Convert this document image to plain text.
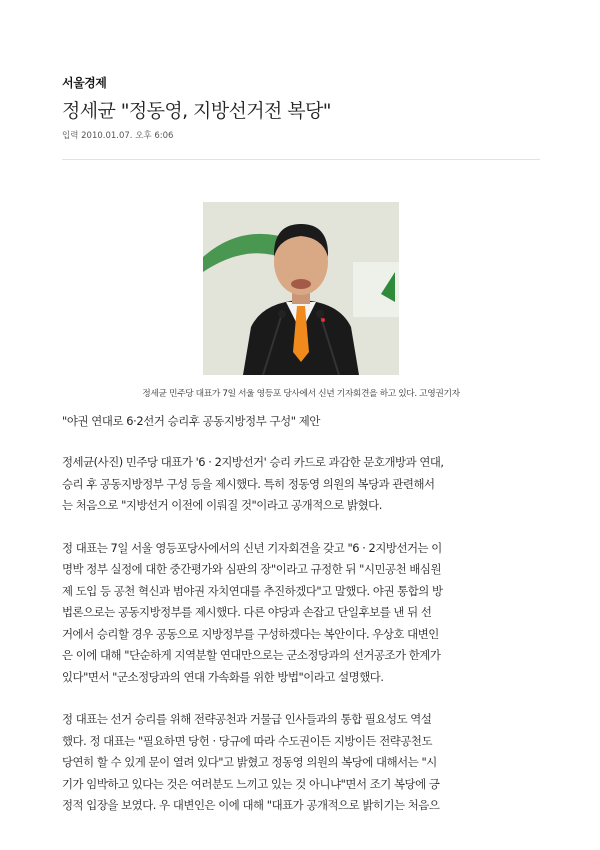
서울경제
정세균 "정동영, 지방선거전 복당"
입력 2010.01.07. 오후 6:06
정세균 민주당 대표가 7일 서울 영등포 당사에서 신년 기자회견을 하고 있다. 고영권기자
"야권 연대로 6·2선거 승리후 공동지방정부 구성" 제안
정세균(사진) 민주당 대표가 '6 · 2지방선거' 승리 카드로 과감한 문호개방과 연대,
승리 후 공동지방정부 구성 등을 제시했다. 특히 정동영 의원의 복당과 관련해서
는 처음으로 "지방선거 이전에 이뤄질 것"이라고 공개적으로 밝혔다.
정 대표는 7일 서울 영등포당사에서의 신년 기자회견을 갖고 "6 · 2지방선거는 이
명박 정부 실정에 대한 중간평가와 심판의 장"이라고 규정한 뒤 "시민공천 배심원
제 도입 등 공천 혁신과 범야권 자치연대를 추진하겠다"고 말했다. 야권 통합의 방
법론으로는 공동지방정부를 제시했다. 다른 야당과 손잡고 단일후보를 낸 뒤 선
거에서 승리할 경우 공동으로 지방정부를 구성하겠다는 복안이다. 우상호 대변인
은 이에 대해 "단순하게 지역분할 연대만으로는 군소정당과의 선거공조가 한계가
있다"면서 "군소정당과의 연대 가속화를 위한 방법"이라고 설명했다.
정 대표는 선거 승리를 위해 전략공천과 거물급 인사들과의 통합 필요성도 역설
했다. 정 대표는 "필요하면 당헌 · 당규에 따라 수도권이든 지방이든 전략공천도
당연히 할 수 있게 문이 열려 있다"고 밝혔고 정동영 의원의 복당에 대해서는 "시
기가 임박하고 있다는 것은 여러분도 느끼고 있는 것 아니냐"면서 조기 복당에 긍
정적 입장을 보였다. 우 대변인은 이에 대해 "대표가 공개적으로 밝히기는 처음으
